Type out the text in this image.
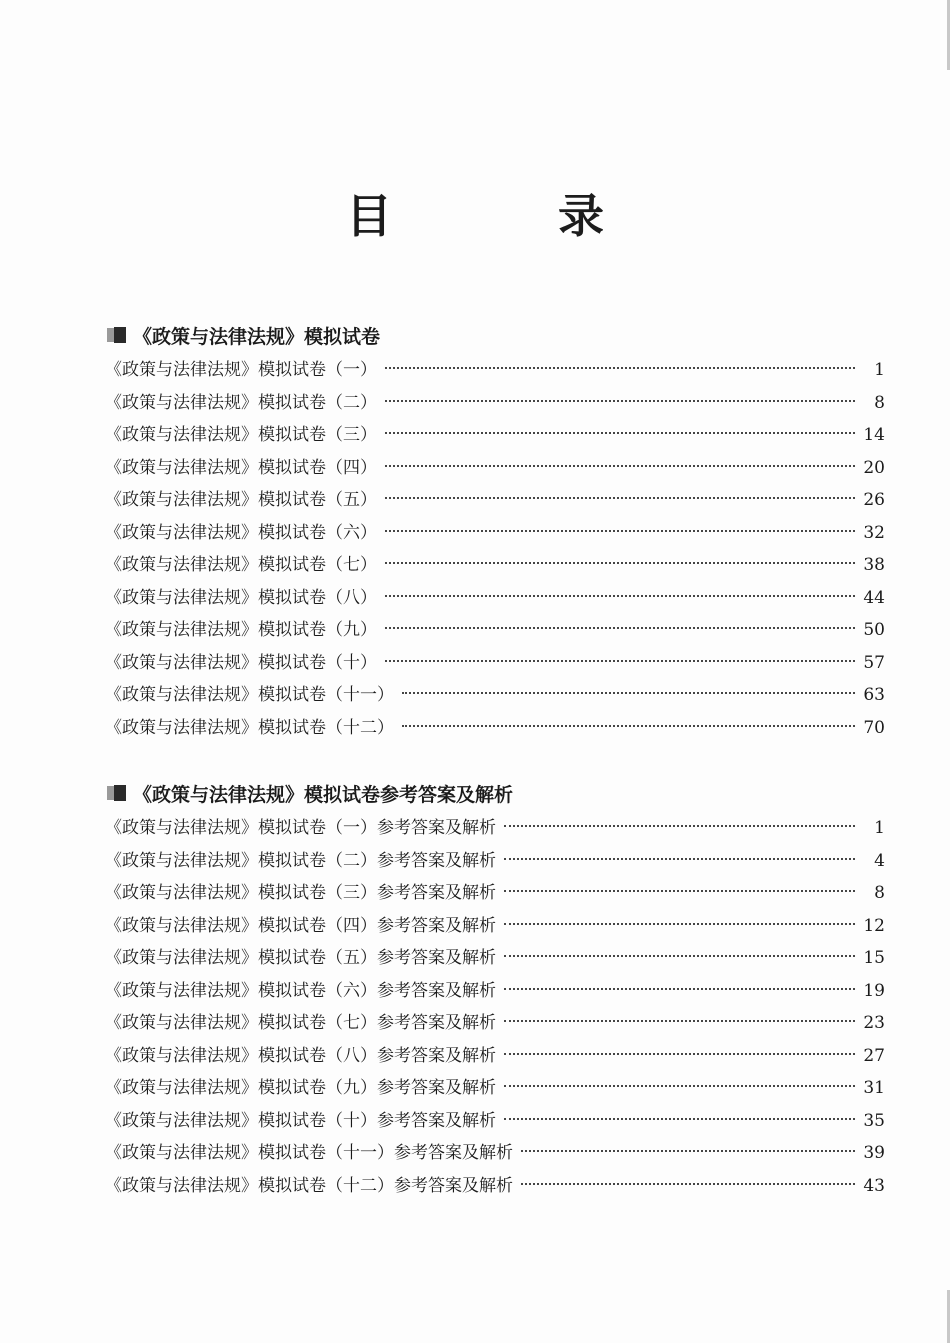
目　录
《政策与法律法规》模拟试卷
《政策与法律法规》模拟试卷（一）	1
《政策与法律法规》模拟试卷（二）	8
《政策与法律法规》模拟试卷（三）	14
《政策与法律法规》模拟试卷（四）	20
《政策与法律法规》模拟试卷（五）	26
《政策与法律法规》模拟试卷（六）	32
《政策与法律法规》模拟试卷（七）	38
《政策与法律法规》模拟试卷（八）	44
《政策与法律法规》模拟试卷（九）	50
《政策与法律法规》模拟试卷（十）	57
《政策与法律法规》模拟试卷（十一）	63
《政策与法律法规》模拟试卷（十二）	70
《政策与法律法规》模拟试卷参考答案及解析
《政策与法律法规》模拟试卷（一）参考答案及解析	1
《政策与法律法规》模拟试卷（二）参考答案及解析	4
《政策与法律法规》模拟试卷（三）参考答案及解析	8
《政策与法律法规》模拟试卷（四）参考答案及解析	12
《政策与法律法规》模拟试卷（五）参考答案及解析	15
《政策与法律法规》模拟试卷（六）参考答案及解析	19
《政策与法律法规》模拟试卷（七）参考答案及解析	23
《政策与法律法规》模拟试卷（八）参考答案及解析	27
《政策与法律法规》模拟试卷（九）参考答案及解析	31
《政策与法律法规》模拟试卷（十）参考答案及解析	35
《政策与法律法规》模拟试卷（十一）参考答案及解析	39
《政策与法律法规》模拟试卷（十二）参考答案及解析	43
